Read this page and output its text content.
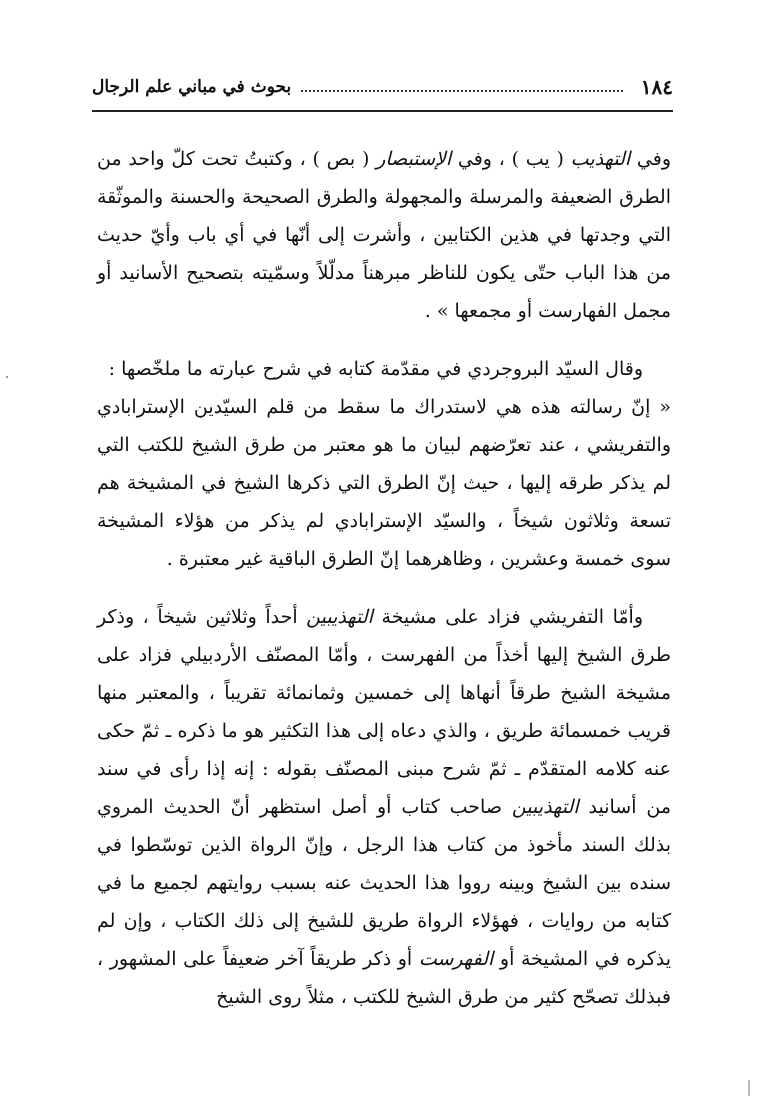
١٨٤
بحوث في مباني علم الرجال

وفي التهذيب ( يب ) ، وفي الإستبصار ( بص ) ، وكتبتُ تحت كلّ واحد من الطرق الضعيفة والمرسلة والمجهولة والطرق الصحيحة والحسنة والموثّقة التي وجدتها في هذين الكتابين ، وأشرت إلى أنّها في أي باب وأيّ حديث من هذا الباب حتّى يكون للناظر مبرهناً مدلّلاً وسمّيته بتصحيح الأسانيد أو مجمل الفهارست أو مجمعها » .

وقال السيّد البروجردي في مقدّمة كتابه في شرح عبارته ما ملخّصها :

« إنّ رسالته هذه هي لاستدراك ما سقط من قلم السيّدين الإسترابادي والتفريشي ، عند تعرّضهم لبيان ما هو معتبر من طرق الشيخ للكتب التي لم يذكر طرقه إليها ، حيث إنّ الطرق التي ذكرها الشيخ في المشيخة هم تسعة وثلاثون شيخاً ، والسيّد الإسترابادي لم يذكر من هؤلاء المشيخة سوى خمسة وعشرين ، وظاهرهما إنّ الطرق الباقية غير معتبرة .

وأمّا التفريشي فزاد على مشيخة التهذيبين أحداً وثلاثين شيخاً ، وذكر طرق الشيخ إليها أخذاً من الفهرست ، وأمّا المصنّف الأردبيلي فزاد على مشيخة الشيخ طرقاً أنهاها إلى خمسين وثمانمائة تقريباً ، والمعتبر منها قريب خمسمائة طريق ، والذي دعاه إلى هذا التكثير هو ما ذكره ـ ثمّ حكى عنه كلامه المتقدّم ـ ثمّ شرح مبنى المصنّف بقوله : إنه إذا رأى في سند من أسانيد التهذيبين صاحب كتاب أو أصل استظهر أنّ الحديث المروي بذلك السند مأخوذ من كتاب هذا الرجل ، وإنّ الرواة الذين توسّطوا في سنده بين الشيخ وبينه رووا هذا الحديث عنه بسبب روايتهم لجميع ما في كتابه من روايات ، فهؤلاء الرواة طريق للشيخ إلى ذلك الكتاب ، وإن لم يذكره في المشيخة أو الفهرست أو ذكر طريقاً آخر ضعيفاً على المشهور ، فبذلك تصحّح كثير من طرق الشيخ للكتب ، مثلاً روى الشيخ
